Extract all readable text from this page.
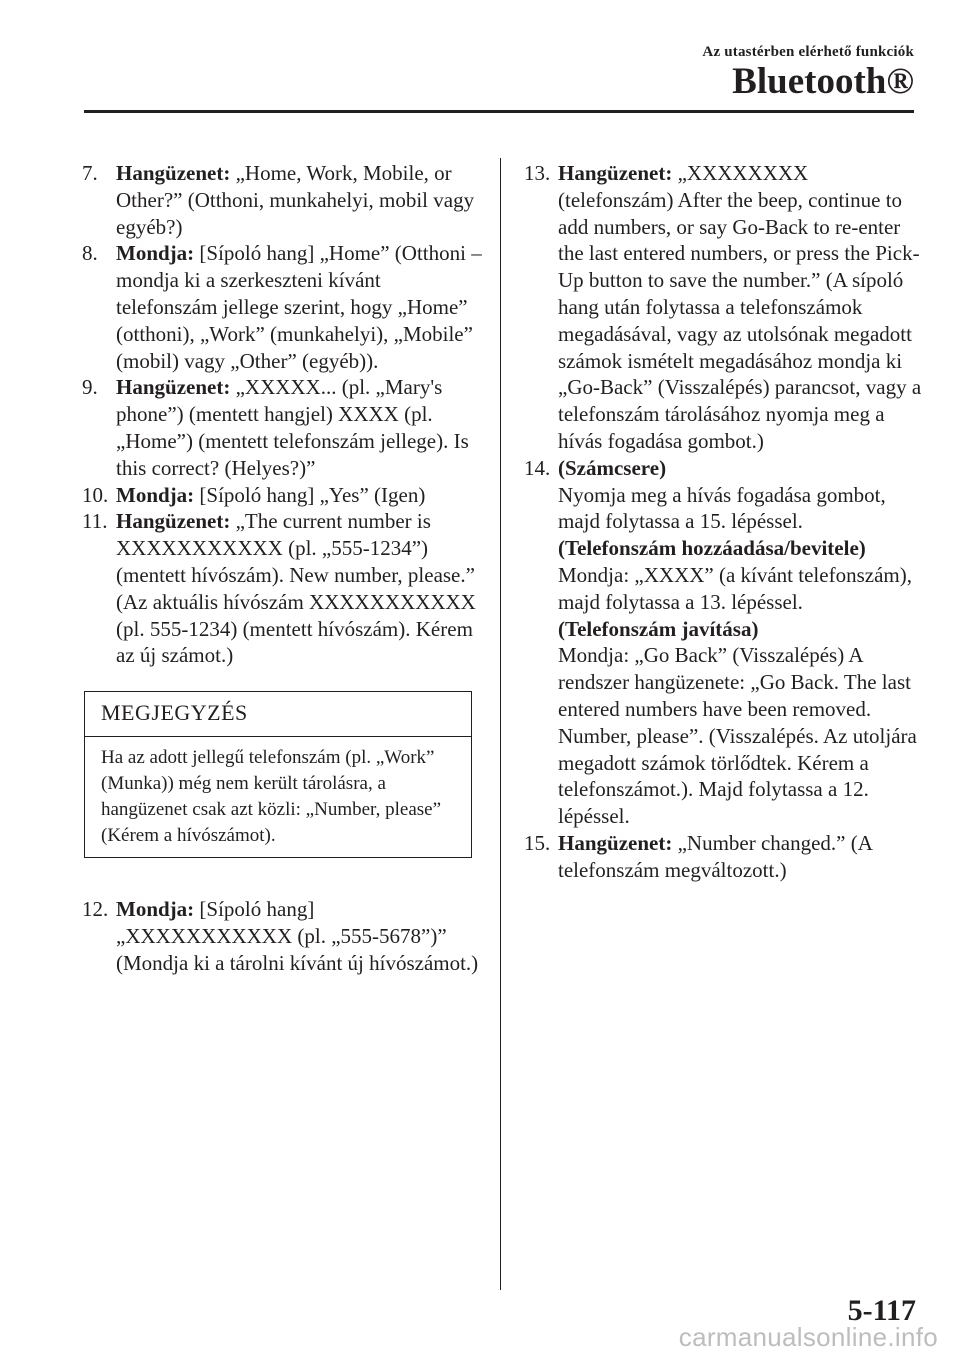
Az utastérben elérhető funkciók
Bluetooth®
7. Hangüzenet: „Home, Work, Mobile, or Other?” (Otthoni, munkahelyi, mobil vagy egyéb?)
8. Mondja: [Sípoló hang] „Home” (Otthoni – mondja ki a szerkeszteni kívánt telefonszám jellege szerint, hogy „Home” (otthoni), „Work” (munkahelyi), „Mobile” (mobil) vagy „Other” (egyéb)).
9. Hangüzenet: „XXXXX... (pl. „Mary's phone”) (mentett hangjel) XXXX (pl. „Home”) (mentett telefonszám jellege). Is this correct? (Helyes?)”
10. Mondja: [Sípoló hang] „Yes” (Igen)
11. Hangüzenet: „The current number is XXXXXXXXXXX (pl. „555-1234”) (mentett hívószám). New number, please.” (Az aktuális hívószám XXXXXXXXXXX (pl. 555-1234) (mentett hívószám). Kérem az új számot.)
MEGJEGYZÉS
Ha az adott jellegű telefonszám (pl. „Work” (Munka)) még nem került tárolásra, a hangüzenet csak azt közli: „Number, please” (Kérem a hívószámot).
12. Mondja: [Sípoló hang] „XXXXXXXXXXX (pl. „555-5678”)” (Mondja ki a tárolni kívánt új hívószámot.)
13. Hangüzenet: „XXXXXXXX (telefonszám) After the beep, continue to add numbers, or say Go-Back to re-enter the last entered numbers, or press the Pick-Up button to save the number.” (A sípoló hang után folytassa a telefonszámok megadásával, vagy az utolsónak megadott számok ismételt megadásához mondja ki „Go-Back” (Visszalépés) parancsot, vagy a telefonszám tárolásához nyomja meg a hívás fogadása gombot.)
14. (Számcsere)
Nyomja meg a hívás fogadása gombot, majd folytassa a 15. lépéssel.
(Telefonszám hozzáadása/bevitele)
Mondja: „XXXX” (a kívánt telefonszám), majd folytassa a 13. lépéssel.
(Telefonszám javítása)
Mondja: „Go Back” (Visszalépés) A rendszer hangüzenete: „Go Back. The last entered numbers have been removed. Number, please”. (Visszalépés. Az utoljára megadott számok törlődtek. Kérem a telefonszámot.). Majd folytassa a 12. lépéssel.
15. Hangüzenet: „Number changed.” (A telefonszám megváltozott.)
5-117
carmanualsonline.info
